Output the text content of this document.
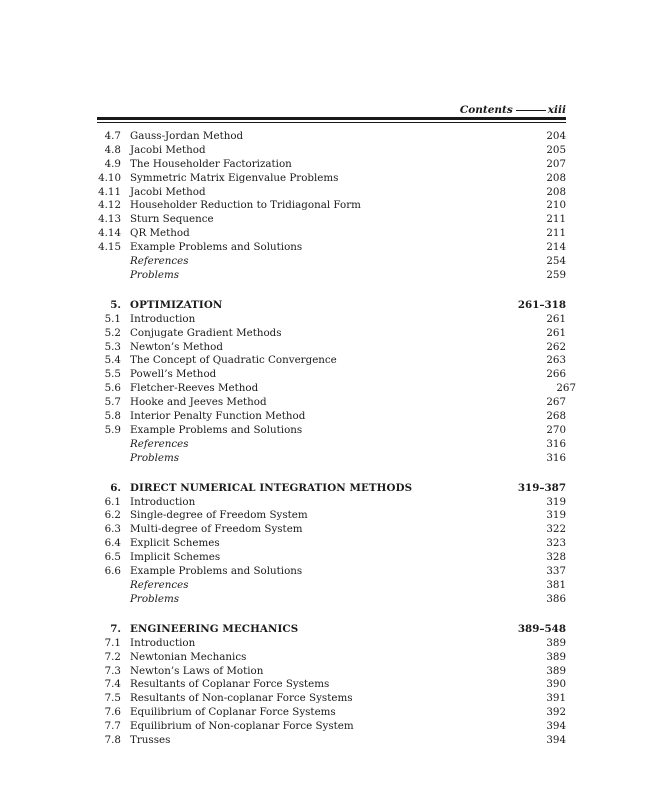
Contents	xiii
4.7 Gauss-Jordan Method	204
4.8 Jacobi Method	205
4.9 The Householder Factorization	207
4.10 Symmetric Matrix Eigenvalue Problems	208
4.11 Jacobi Method	208
4.12 Householder Reduction to Tridiagonal Form	210
4.13 Sturn Sequence	211
4.14 QR Method	211
4.15 Example Problems and Solutions	214
References	254
Problems	259
5. OPTIMIZATION	261–318
5.1 Introduction	261
5.2 Conjugate Gradient Methods	261
5.3 Newton’s Method	262
5.4 The Concept of Quadratic Convergence	263
5.5 Powell’s Method	266
5.6 Fletcher-Reeves Method	267
5.7 Hooke and Jeeves Method	267
5.8 Interior Penalty Function Method	268
5.9 Example Problems and Solutions	270
References	316
Problems	316
6. DIRECT NUMERICAL INTEGRATION METHODS	319–387
6.1 Introduction	319
6.2 Single-degree of Freedom System	319
6.3 Multi-degree of Freedom System	322
6.4 Explicit Schemes	323
6.5 Implicit Schemes	328
6.6 Example Problems and Solutions	337
References	381
Problems	386
7. ENGINEERING MECHANICS	389–548
7.1 Introduction	389
7.2 Newtonian Mechanics	389
7.3 Newton’s Laws of Motion	389
7.4 Resultants of Coplanar Force Systems	390
7.5 Resultants of Non-coplanar Force Systems	391
7.6 Equilibrium of Coplanar Force Systems	392
7.7 Equilibrium of Non-coplanar Force System	394
7.8 Trusses	394
